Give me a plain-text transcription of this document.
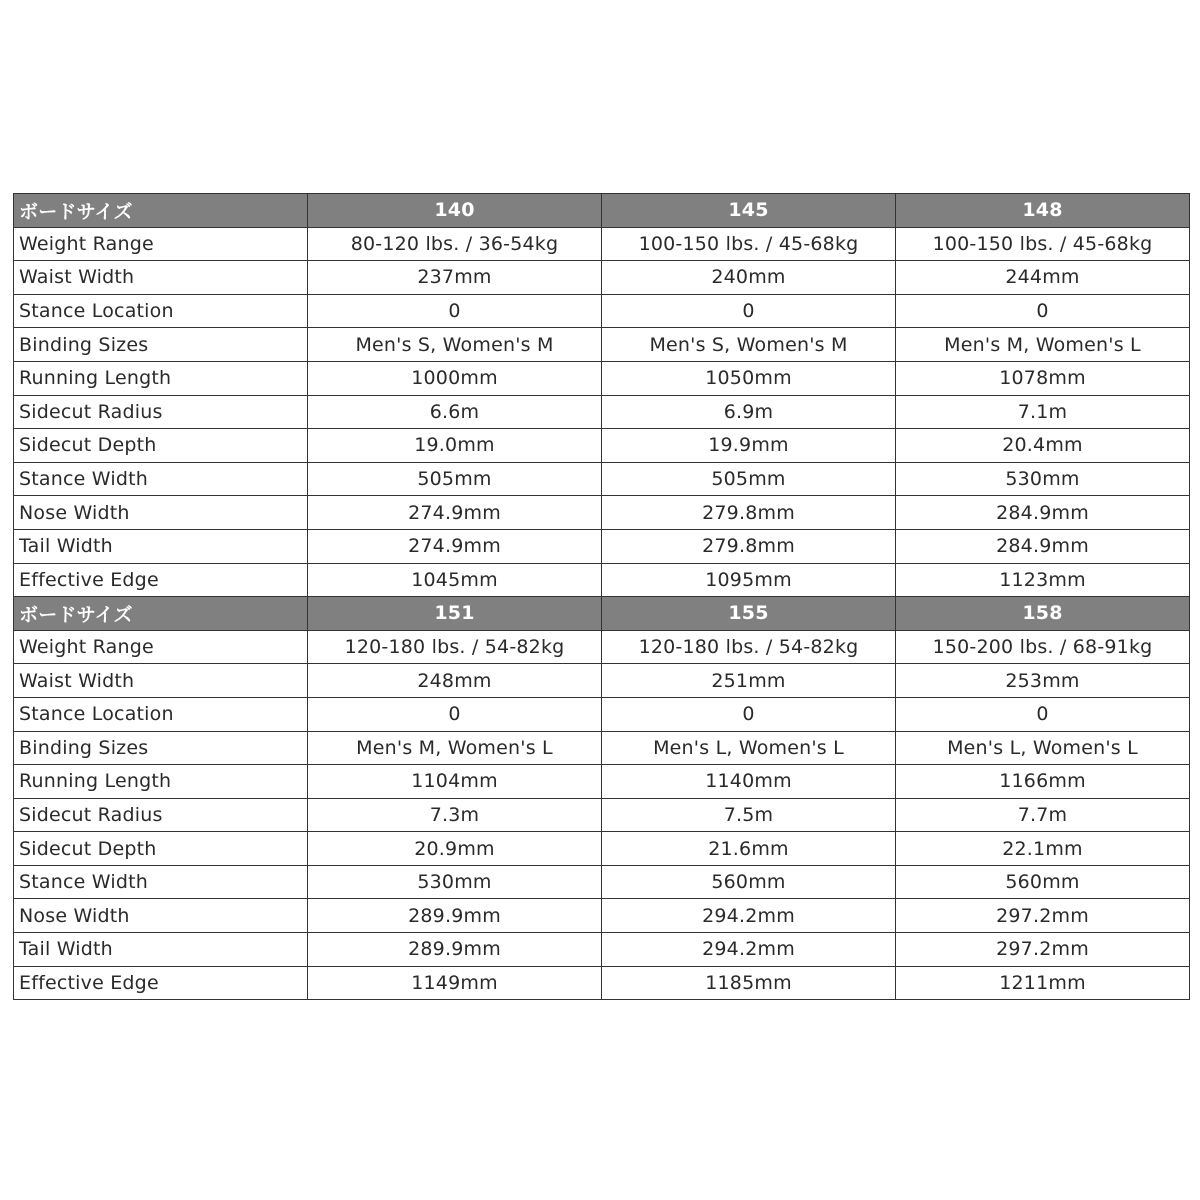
ボードサイズ	140	145	148
Weight Range	80-120 lbs. / 36-54kg	100-150 lbs. / 45-68kg	100-150 lbs. / 45-68kg
Waist Width	237mm	240mm	244mm
Stance Location	0	0	0
Binding Sizes	Men's S, Women's M	Men's S, Women's M	Men's M, Women's L
Running Length	1000mm	1050mm	1078mm
Sidecut Radius	6.6m	6.9m	7.1m
Sidecut Depth	19.0mm	19.9mm	20.4mm
Stance Width	505mm	505mm	530mm
Nose Width	274.9mm	279.8mm	284.9mm
Tail Width	274.9mm	279.8mm	284.9mm
Effective Edge	1045mm	1095mm	1123mm
ボードサイズ	151	155	158
Weight Range	120-180 lbs. / 54-82kg	120-180 lbs. / 54-82kg	150-200 lbs. / 68-91kg
Waist Width	248mm	251mm	253mm
Stance Location	0	0	0
Binding Sizes	Men's M, Women's L	Men's L, Women's L	Men's L, Women's L
Running Length	1104mm	1140mm	1166mm
Sidecut Radius	7.3m	7.5m	7.7m
Sidecut Depth	20.9mm	21.6mm	22.1mm
Stance Width	530mm	560mm	560mm
Nose Width	289.9mm	294.2mm	297.2mm
Tail Width	289.9mm	294.2mm	297.2mm
Effective Edge	1149mm	1185mm	1211mm
